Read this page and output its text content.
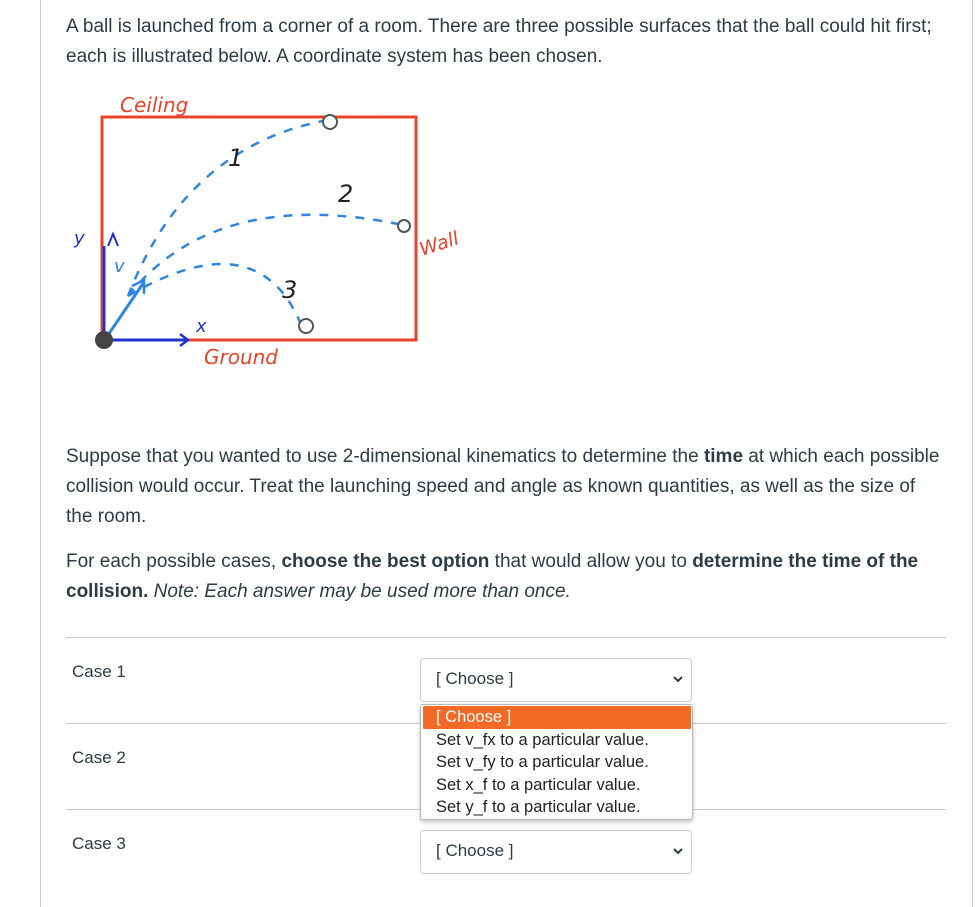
A ball is launched from a corner of a room. There are three possible surfaces that the ball could hit first; each is illustrated below. A coordinate system has been chosen.

Suppose that you wanted to use 2-dimensional kinematics to determine the time at which each possible collision would occur. Treat the launching speed and angle as known quantities, as well as the size of the room.

For each possible cases, choose the best option that would allow you to determine the time of the collision. Note: Each answer may be used more than once.

Ceiling
Wall
Ground
y
x
v
1
2
3
Case 1	[ Choose ]
Case 2
Case 3	[ Choose ]
[ Choose ]
Set v_fx to a particular value.
Set v_fy to a particular value.
Set x_f to a particular value.
Set y_f to a particular value.
